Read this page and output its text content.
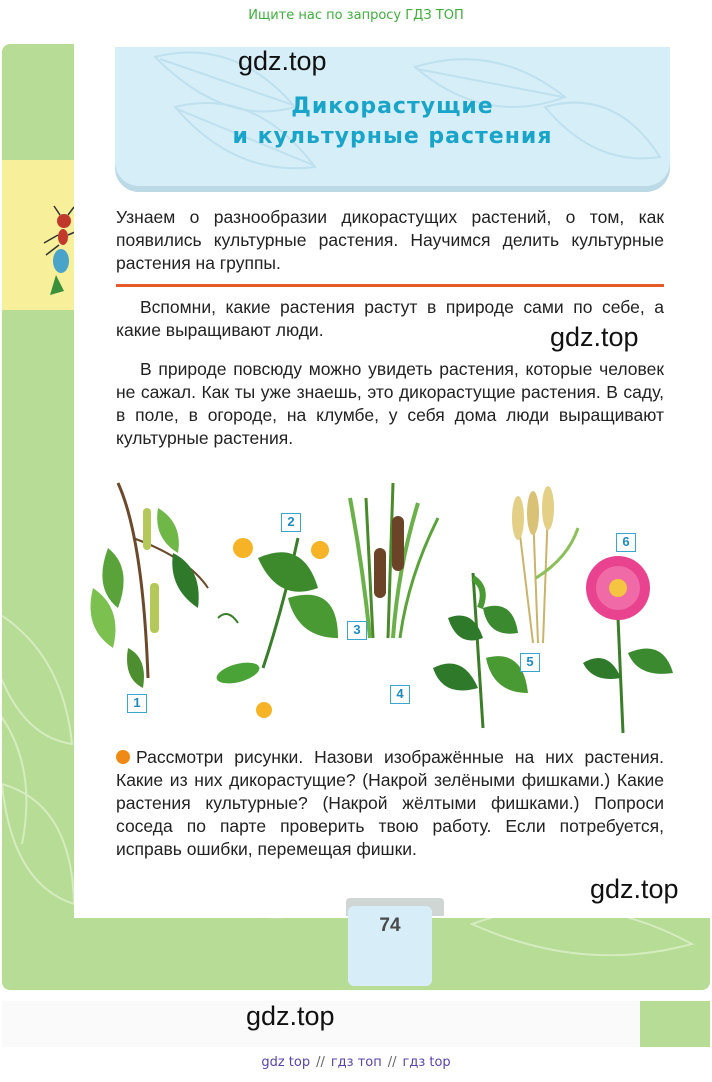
Ищите нас по запросу ГДЗ ТОП
Дикорастущие
и культурные растения

Узнаем о разнообразии дикорастущих растений, о том, как появились культурные растения. Научимся делить культурные растения на группы.

Вспомни, какие растения растут в природе сами по себе, а какие выращивают люди.

В природе повсюду можно увидеть растения, которые человек не сажал. Как ты уже знаешь, это дикорастущие растения. В саду, в поле, в огороде, на клумбе, у себя дома люди выращивают культурные растения.

1
2
3
4
5
6

Рассмотри рисунки. Назови изображённые на них растения. Какие из них дикорастущие? (Накрой зелёными фишками.) Какие растения культурные? (Накрой жёлтыми фишками.) Попроси соседа по парте проверить твою работу. Если потребуется, исправь ошибки, перемещая фишки.

74
gdz.top
gdz.top
gdz.top
gdz.top
gdz top // гдз топ // гдз top
